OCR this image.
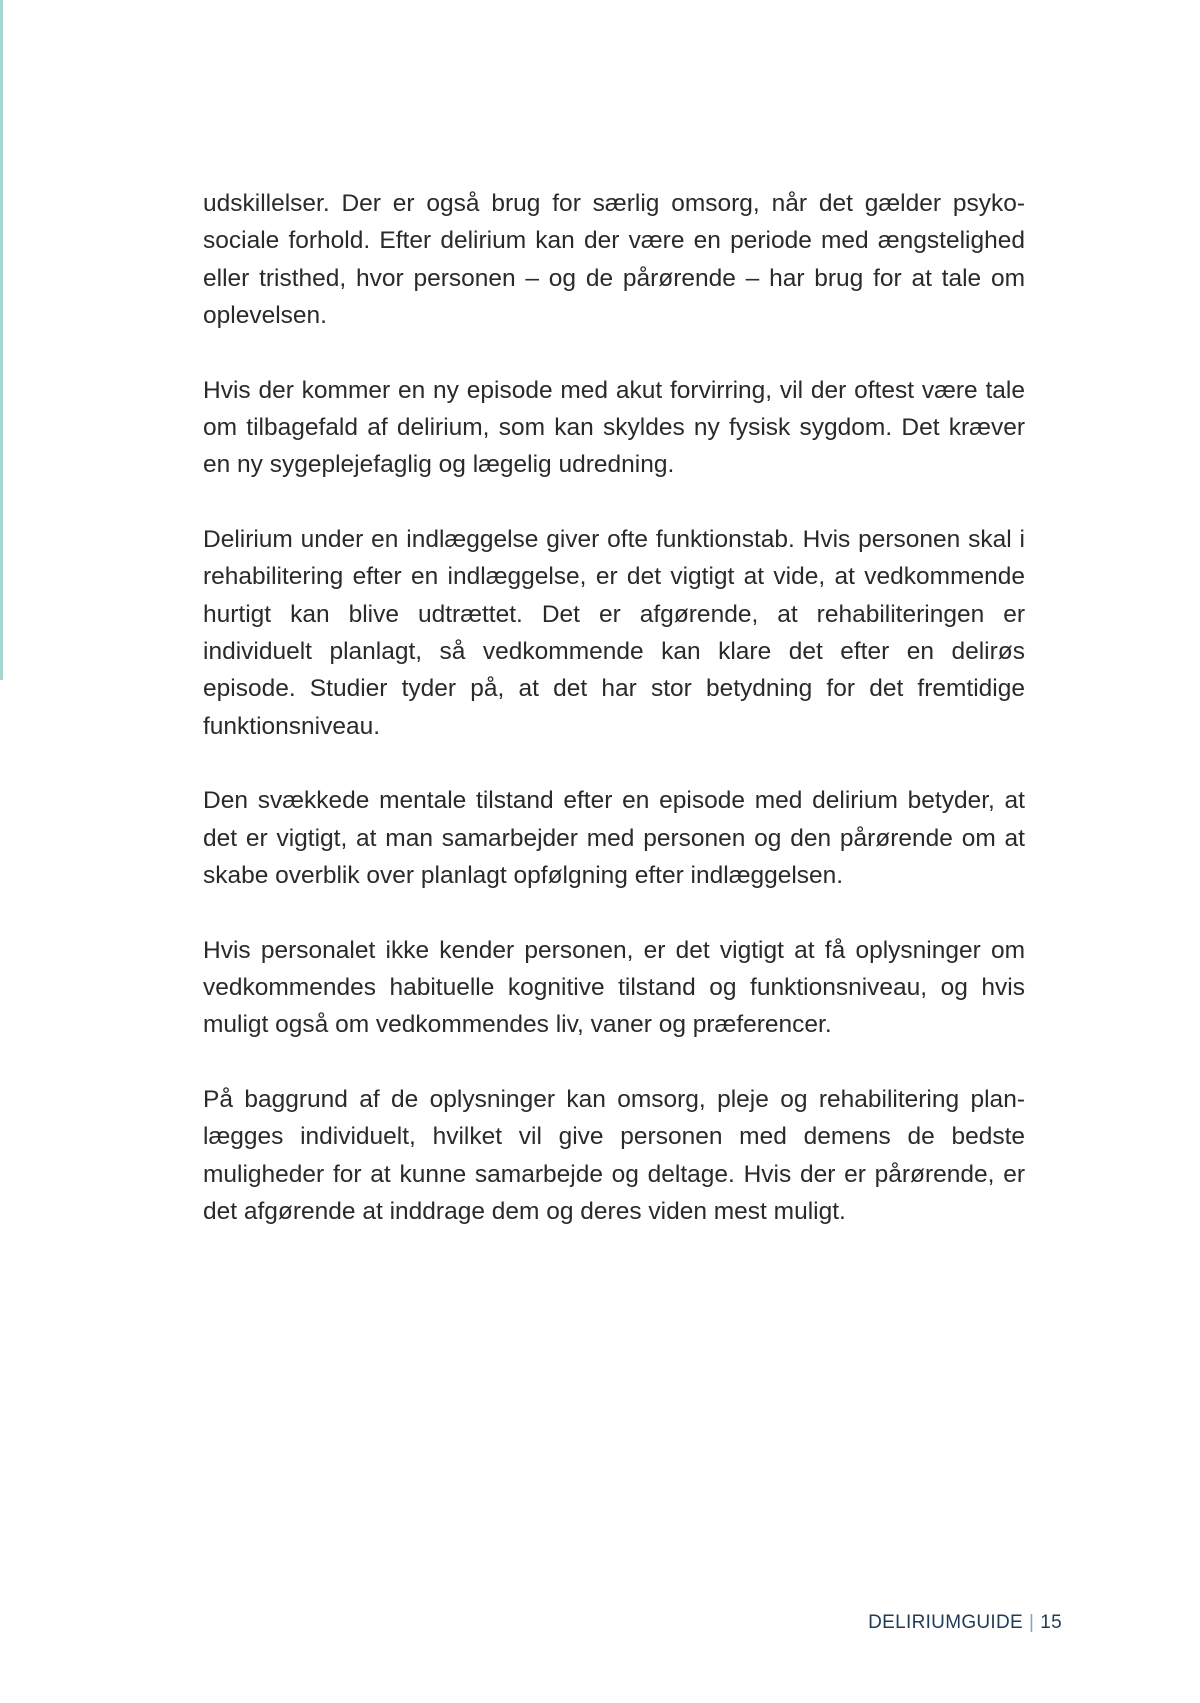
udskillelser. Der er også brug for særlig omsorg, når det gælder psykosociale forhold. Efter delirium kan der være en periode med ængstelighed eller tristhed, hvor personen – og de pårørende – har brug for at tale om oplevelsen.

Hvis der kommer en ny episode med akut forvirring, vil der oftest være tale om tilbagefald af delirium, som kan skyldes ny fysisk sygdom. Det kræver en ny sygeplejefaglig og lægelig udredning.

Delirium under en indlæggelse giver ofte funktionstab. Hvis personen skal i rehabilitering efter en indlæggelse, er det vigtigt at vide, at vedkommende hurtigt kan blive udtrættet. Det er afgørende, at rehabiliteringen er individuelt planlagt, så vedkommende kan klare det efter en delirøs episode. Studier tyder på, at det har stor betydning for det fremtidige funktionsniveau.

Den svækkede mentale tilstand efter en episode med delirium betyder, at det er vigtigt, at man samarbejder med personen og den pårørende om at skabe overblik over planlagt opfølgning efter indlæggelsen.

Hvis personalet ikke kender personen, er det vigtigt at få oplysninger om vedkommendes habituelle kognitive tilstand og funktionsniveau, og hvis muligt også om vedkommendes liv, vaner og præferencer.

På baggrund af de oplysninger kan omsorg, pleje og rehabilitering planlægges individuelt, hvilket vil give personen med demens de bedste muligheder for at kunne samarbejde og deltage. Hvis der er pårørende, er det afgørende at inddrage dem og deres viden mest muligt.

DELIRIUMGUIDE | 15
